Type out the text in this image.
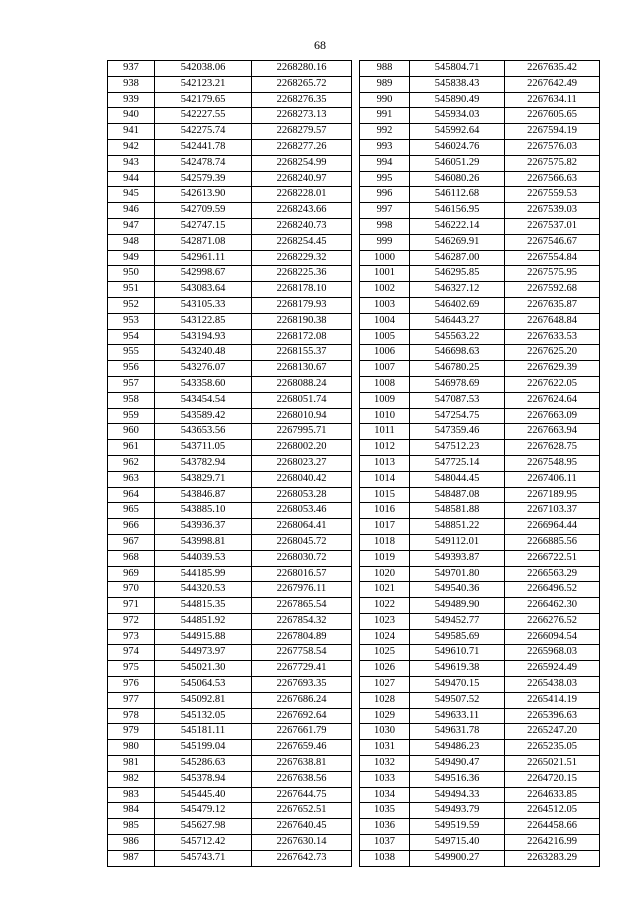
68
937	542038.06	2268280.16
938	542123.21	2268265.72
939	542179.65	2268276.35
940	542227.55	2268273.13
941	542275.74	2268279.57
942	542441.78	2268277.26
943	542478.74	2268254.99
944	542579.39	2268240.97
945	542613.90	2268228.01
946	542709.59	2268243.66
947	542747.15	2268240.73
948	542871.08	2268254.45
949	542961.11	2268229.32
950	542998.67	2268225.36
951	543083.64	2268178.10
952	543105.33	2268179.93
953	543122.85	2268190.38
954	543194.93	2268172.08
955	543240.48	2268155.37
956	543276.07	2268130.67
957	543358.60	2268088.24
958	543454.54	2268051.74
959	543589.42	2268010.94
960	543653.56	2267995.71
961	543711.05	2268002.20
962	543782.94	2268023.27
963	543829.71	2268040.42
964	543846.87	2268053.28
965	543885.10	2268053.46
966	543936.37	2268064.41
967	543998.81	2268045.72
968	544039.53	2268030.72
969	544185.99	2268016.57
970	544320.53	2267976.11
971	544815.35	2267865.54
972	544851.92	2267854.32
973	544915.88	2267804.89
974	544973.97	2267758.54
975	545021.30	2267729.41
976	545064.53	2267693.35
977	545092.81	2267686.24
978	545132.05	2267692.64
979	545181.11	2267661.79
980	545199.04	2267659.46
981	545286.63	2267638.81
982	545378.94	2267638.56
983	545445.40	2267644.75
984	545479.12	2267652.51
985	545627.98	2267640.45
986	545712.42	2267630.14
987	545743.71	2267642.73
988	545804.71	2267635.42
989	545838.43	2267642.49
990	545890.49	2267634.11
991	545934.03	2267605.65
992	545992.64	2267594.19
993	546024.76	2267576.03
994	546051.29	2267575.82
995	546080.26	2267566.63
996	546112.68	2267559.53
997	546156.95	2267539.03
998	546222.14	2267537.01
999	546269.91	2267546.67
1000	546287.00	2267554.84
1001	546295.85	2267575.95
1002	546327.12	2267592.68
1003	546402.69	2267635.87
1004	546443.27	2267648.84
1005	545563.22	2267633.53
1006	546698.63	2267625.20
1007	546780.25	2267629.39
1008	546978.69	2267622.05
1009	547087.53	2267624.64
1010	547254.75	2267663.09
1011	547359.46	2267663.94
1012	547512.23	2267628.75
1013	547725.14	2267548.95
1014	548044.45	2267406.11
1015	548487.08	2267189.95
1016	548581.88	2267103.37
1017	548851.22	2266964.44
1018	549112.01	2266885.56
1019	549393.87	2266722.51
1020	549701.80	2266563.29
1021	549540.36	2266496.52
1022	549489.90	2266462.30
1023	549452.77	2266276.52
1024	549585.69	2266094.54
1025	549610.71	2265968.03
1026	549619.38	2265924.49
1027	549470.15	2265438.03
1028	549507.52	2265414.19
1029	549633.11	2265396.63
1030	549631.78	2265247.20
1031	549486.23	2265235.05
1032	549490.47	2265021.51
1033	549516.36	2264720.15
1034	549494.33	2264633.85
1035	549493.79	2264512.05
1036	549519.59	2264458.66
1037	549715.40	2264216.99
1038	549900.27	2263283.29
